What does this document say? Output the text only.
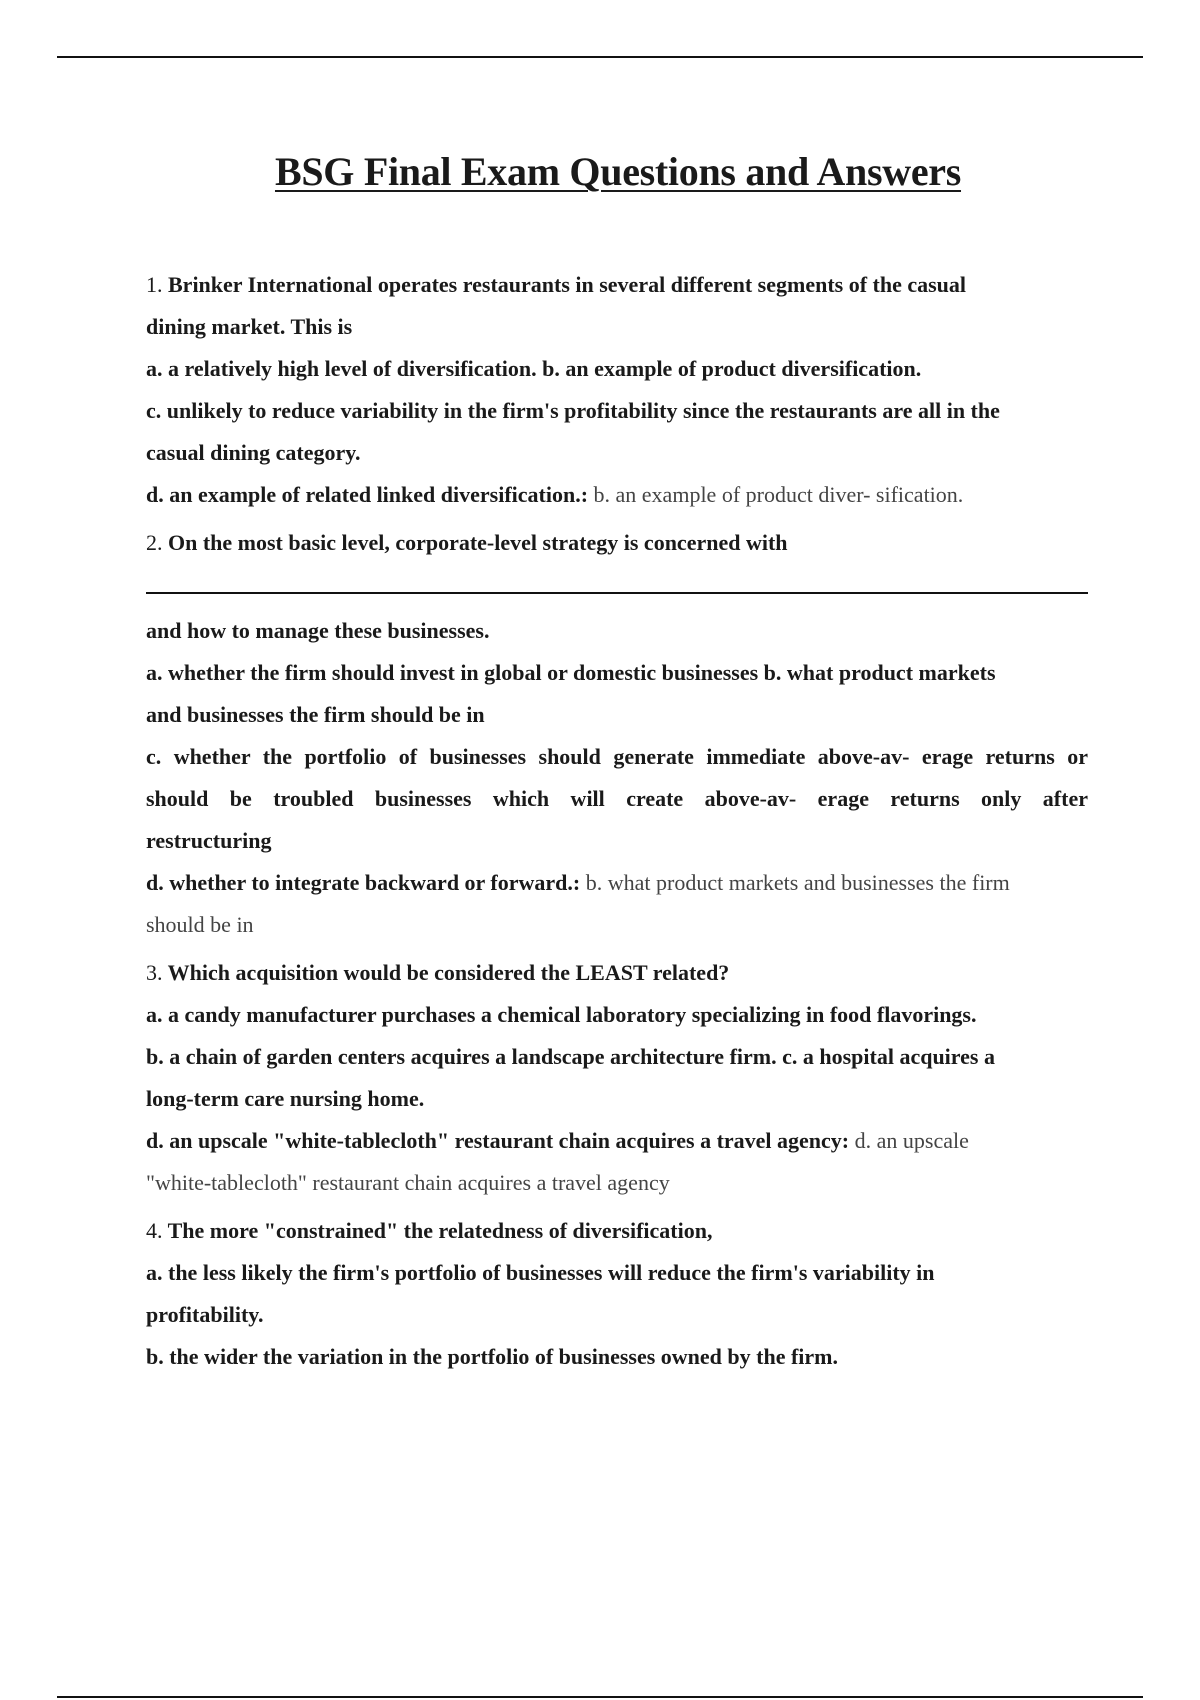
BSG Final Exam Questions and Answers

1. Brinker International operates restaurants in several different segments of the casual

dining market. This is

a. a relatively high level of diversification. b. an example of product diversification.

c. unlikely to reduce variability in the firm's profitability since the restaurants are all in the

casual dining category.

d. an example of related linked diversification.: b. an example of product diver- sification.

2. On the most basic level, corporate-level strategy is concerned with

and how to manage these businesses.

a. whether the firm should invest in global or domestic businesses b. what product markets

and businesses the firm should be in

c. whether the portfolio of businesses should generate immediate above-av- erage returns or

should be troubled businesses which will create above-av- erage returns only after

restructuring

d. whether to integrate backward or forward.: b. what product markets and businesses the firm

should be in

3. Which acquisition would be considered the LEAST related?

a. a candy manufacturer purchases a chemical laboratory specializing in food flavorings.

b. a chain of garden centers acquires a landscape architecture firm. c. a hospital acquires a

long-term care nursing home.

d. an upscale "white-tablecloth" restaurant chain acquires a travel agency: d. an upscale

"white-tablecloth" restaurant chain acquires a travel agency

4. The more "constrained" the relatedness of diversification,

a. the less likely the firm's portfolio of businesses will reduce the firm's variability in

profitability.

b. the wider the variation in the portfolio of businesses owned by the firm.
